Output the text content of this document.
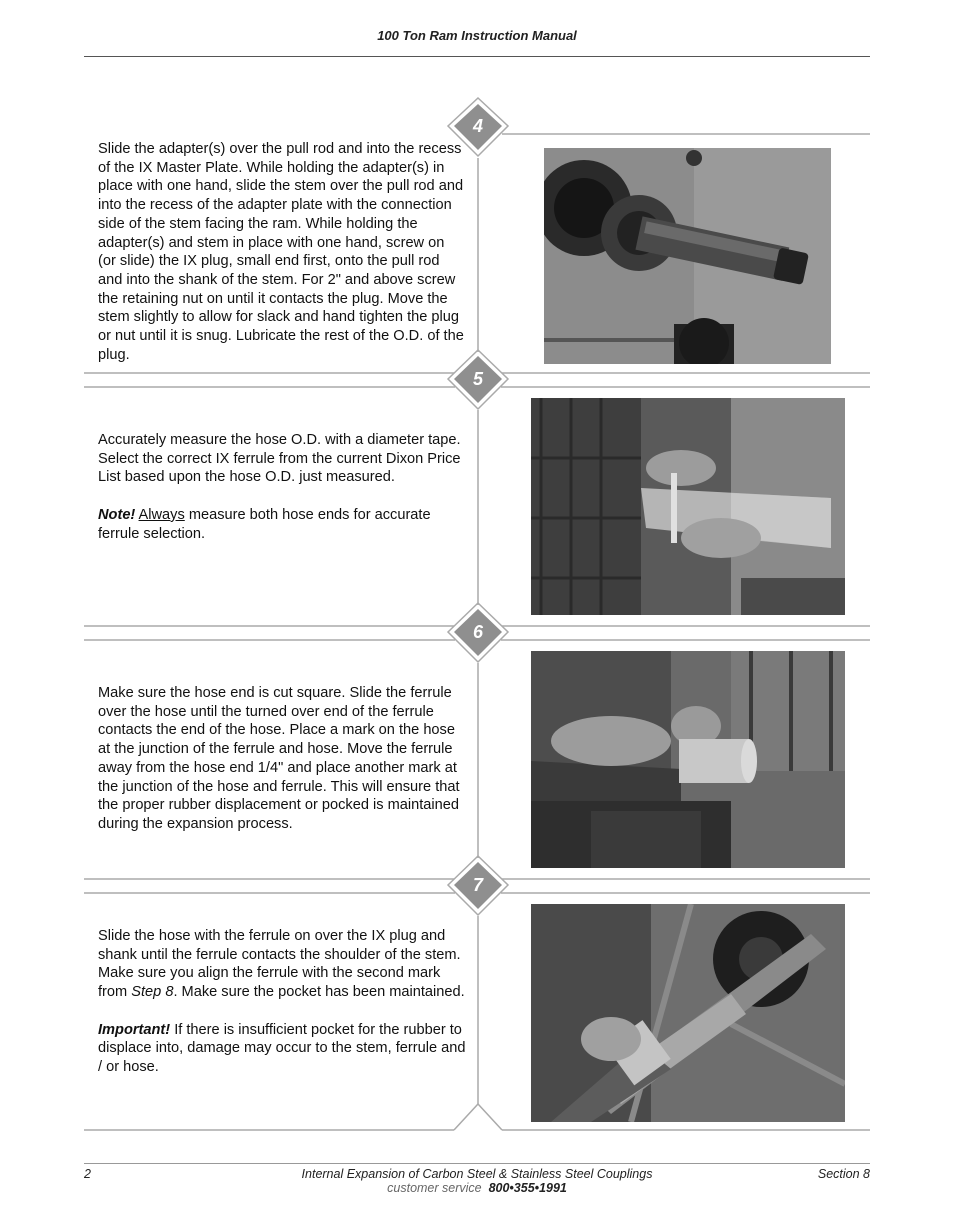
100 Ton Ram Instruction Manual
4
5
6
7

Slide the adapter(s) over the pull rod and into the recess of the IX Master Plate. While holding the adapter(s) in place with one hand, slide the stem over the pull rod and into the recess of the adapter plate with the connection side of the stem facing the ram. While holding the adapter(s) and stem in place with one hand, screw on (or slide) the IX plug, small end first, onto the pull rod and into the shank of the stem. For 2" and above screw the retaining nut on until it contacts the plug. Move the stem slightly to allow for slack and hand tighten the plug or nut until it is snug. Lubricate the rest of the O.D. of the plug.

Accurately measure the hose O.D. with a diameter tape. Select the correct IX ferrule from the current Dixon Price List based upon the hose O.D. just measured.

Note! Always measure both hose ends for accurate ferrule selection.

Make sure the hose end is cut square. Slide the ferrule over the hose until the turned over end of the ferrule contacts the end of the hose. Place a mark on the hose at the junction of the ferrule and hose. Move the ferrule away from the hose end 1/4" and place another mark at the junction of the hose and ferrule. This will ensure that the proper rubber displacement or pocked is maintained during the expansion process.

Slide the hose with the ferrule on over the IX plug and shank until the ferrule contacts the shoulder of the stem. Make sure you align the ferrule with the second mark from Step 8. Make sure the pocket has been maintained.

Important! If there is insufficient pocket for the rubber to displace into, damage may occur to the stem, ferrule and / or hose.

2	Internal Expansion of Carbon Steel & Stainless Steel Couplings
customer service 800•355•1991
Section 8
